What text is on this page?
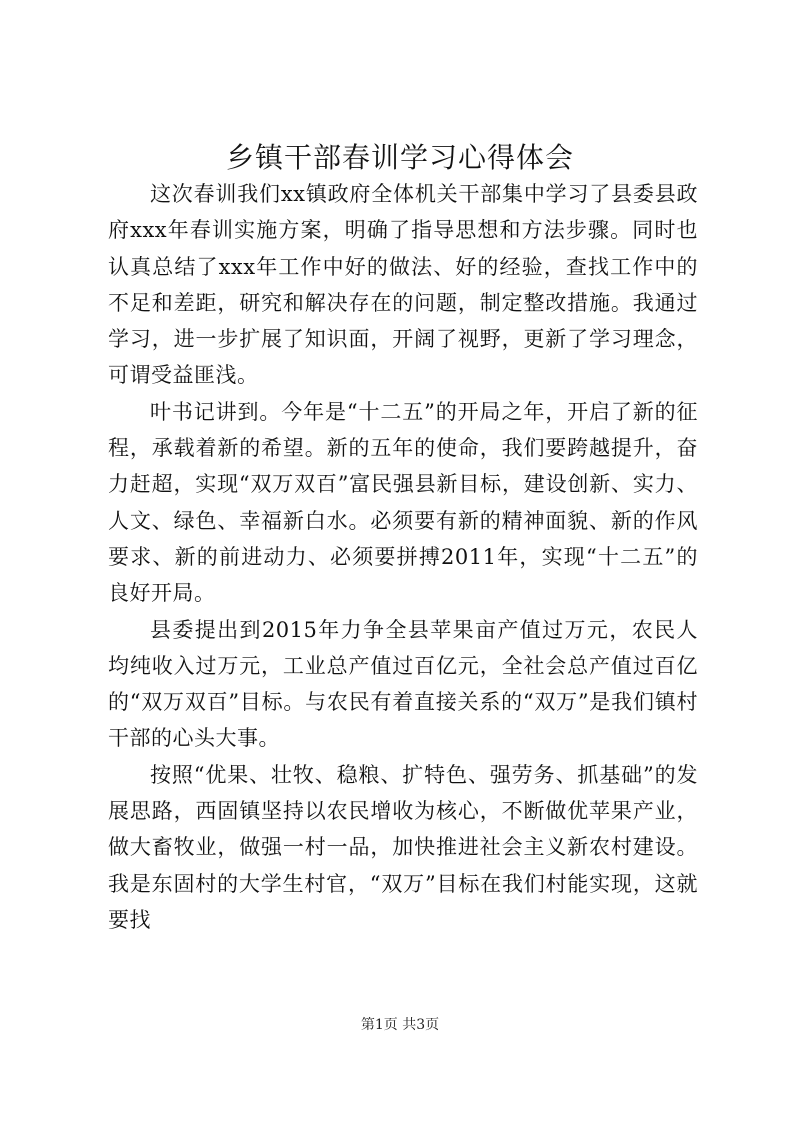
乡镇干部春训学习心得体会

这次春训我们xx镇政府全体机关干部集中学习了县委县政府xxx年春训实施方案，明确了指导思想和方法步骤。同时也认真总结了xxx年工作中好的做法、好的经验，查找工作中的不足和差距，研究和解决存在的问题，制定整改措施。我通过学习，进一步扩展了知识面，开阔了视野，更新了学习理念，可谓受益匪浅。

叶书记讲到。今年是“十二五”的开局之年，开启了新的征程，承载着新的希望。新的五年的使命，我们要跨越提升，奋力赶超，实现“双万双百”富民强县新目标，建设创新、实力、人文、绿色、幸福新白水。必须要有新的精神面貌、新的作风要求、新的前进动力、必须要拼搏2011年，实现“十二五”的良好开局。

县委提出到2015年力争全县苹果亩产值过万元，农民人均纯收入过万元，工业总产值过百亿元，全社会总产值过百亿的“双万双百”目标。与农民有着直接关系的“双万”是我们镇村干部的心头大事。

按照“优果、壮牧、稳粮、扩特色、强劳务、抓基础”的发展思路，西固镇坚持以农民增收为核心，不断做优苹果产业，做大畜牧业，做强一村一品，加快推进社会主义新农村建设。我是东固村的大学生村官，“双万”目标在我们村能实现，这就要找

第1页 共3页
